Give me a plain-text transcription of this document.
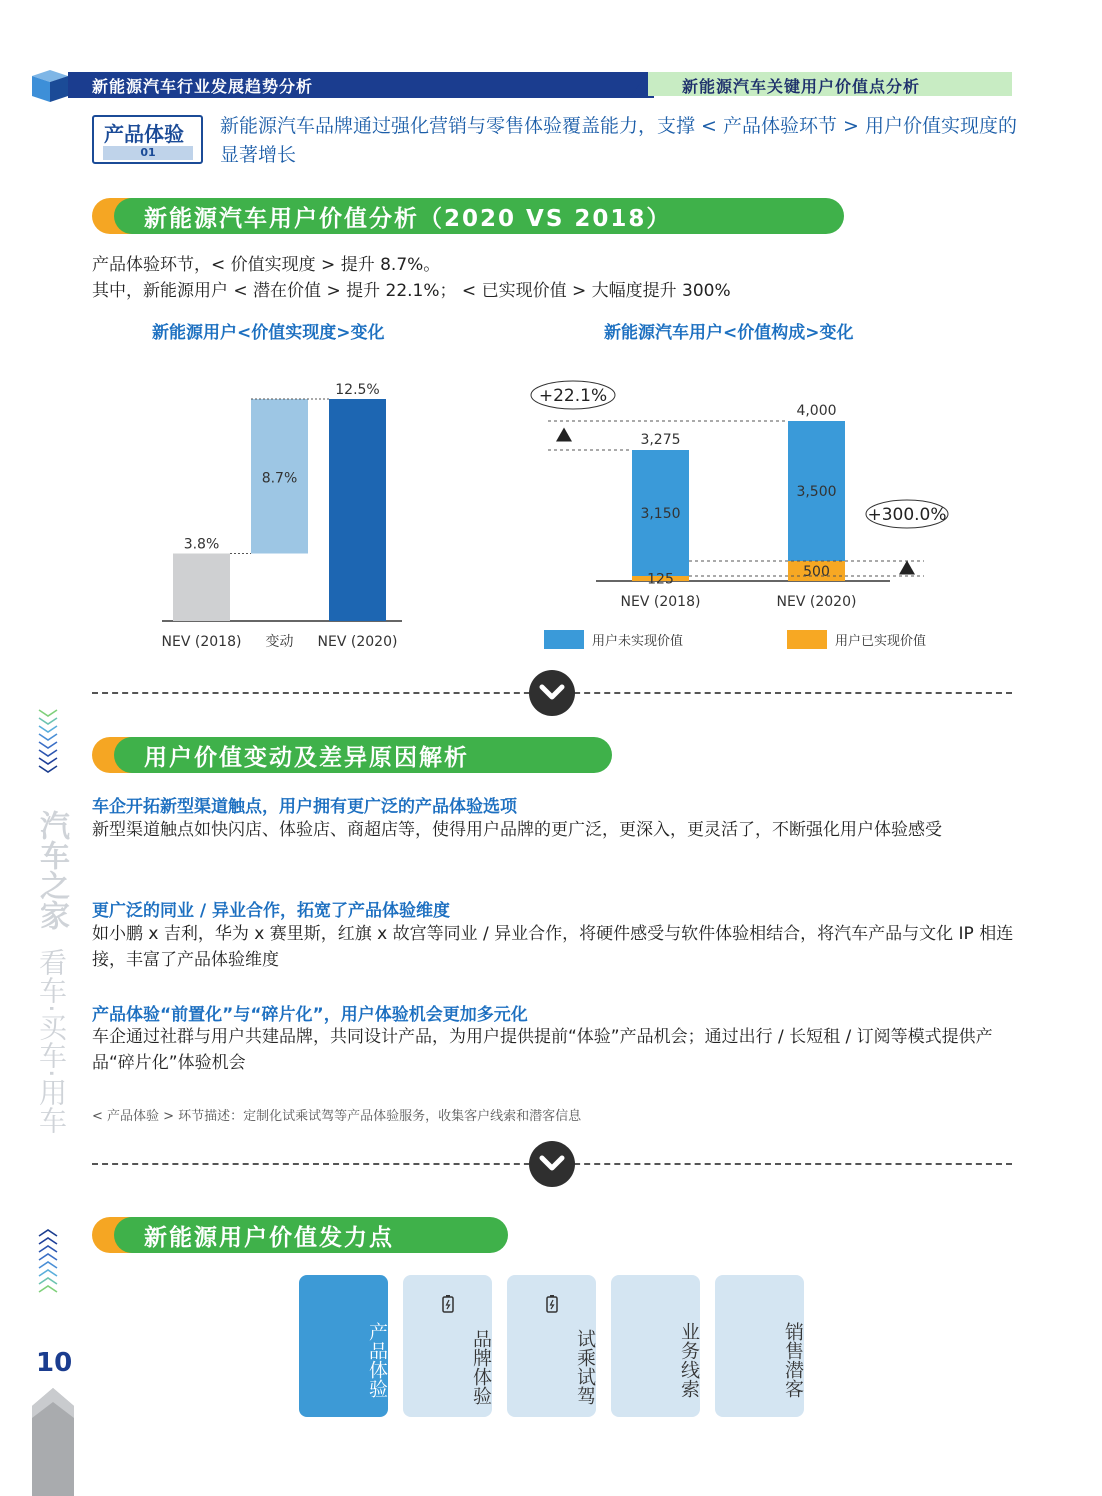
新能源汽车行业发展趋势分析	新能源汽车关键用户价值点分析
产品体验
01
新能源汽车品牌通过强化营销与零售体验覆盖能力，支撑 < 产品体验环节 > 用户价值实现度的显著增长
新能源汽车用户价值分析（2020 VS 2018）
产品体验环节，< 价值实现度 > 提升 8.7%。
其中，新能源用户 < 潜在价值 > 提升 22.1%； < 已实现价值 > 大幅度提升 300%
新能源用户<价值实现度>变化
3.8%
8.7%
12.5%
NEV (2018) 变动 NEV (2020)
新能源汽车用户<价值构成>变化
125
3,150
3,275
NEV (2018)
500
3,500
4,000
NEV (2020)
+22.1%
+300.0%
用户未实现价值	用户已实现价值
用户价值变动及差异原因解析
车企开拓新型渠道触点，用户拥有更广泛的产品体验选项
新型渠道触点如快闪店、体验店、商超店等，使得用户品牌的更广泛，更深入，更灵活了，不断强化用户体验感受
更广泛的同业 / 异业合作，拓宽了产品体验维度
如小鹏 x 吉利，华为 x 赛里斯，红旗 x 故宫等同业 / 异业合作，将硬件感受与软件体验相结合，将汽车产品与文化 IP 相连接，丰富了产品体验维度
产品体验“前置化”与“碎片化”，用户体验机会更加多元化
车企通过社群与用户共建品牌，共同设计产品，为用户提供提前“体验”产品机会；通过出行 / 长短租 / 订阅等模式提供产品“碎片化”体验机会
< 产品体验 > 环节描述：定制化试乘试驾等产品体验服务，收集客户线索和潜客信息
新能源用户价值发力点
产品体验	品牌体验	试乘试驾	业务线索	销售潜客
汽车之家
看车·买车·用车
10
